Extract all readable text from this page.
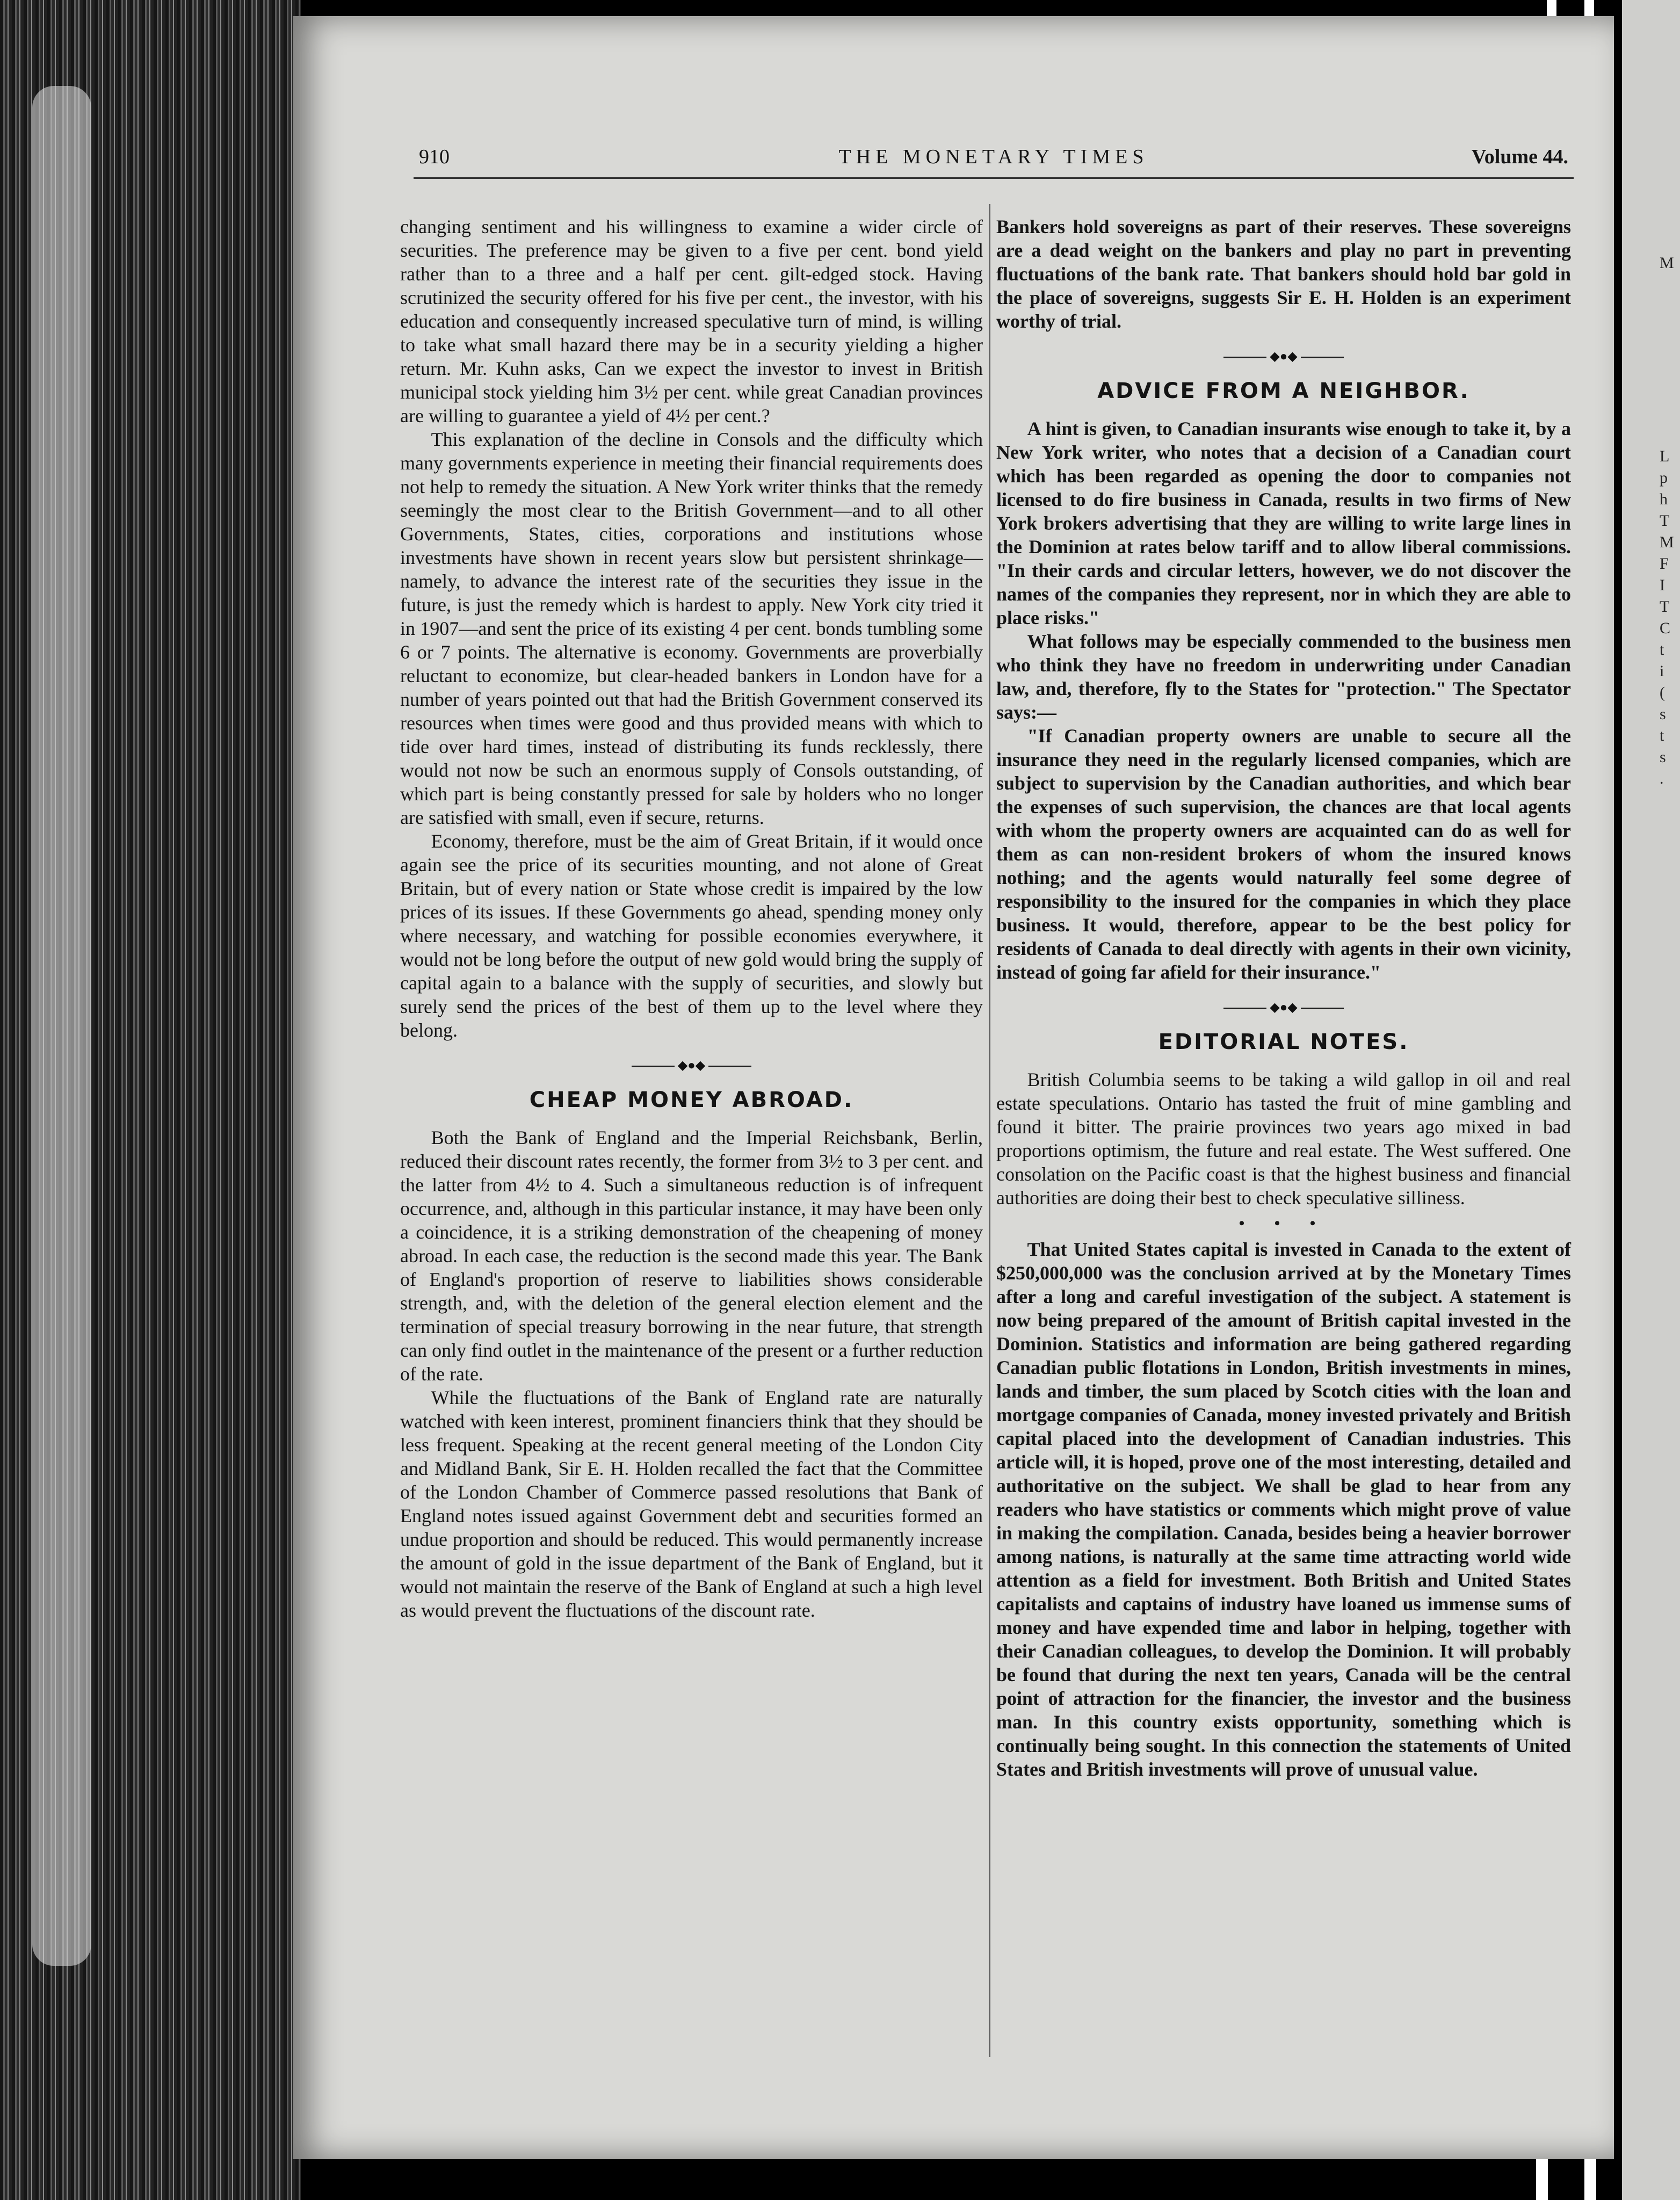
M
L
p
h
T
M
F
I
T
C
t
i
(
s
t
s
.
910	THE MONETARY TIMES	Volume 44.

changing sentiment and his willingness to examine a wider circle of securities. The preference may be given to a five per cent. bond yield rather than to a three and a half per cent. gilt-edged stock. Having scrutinized the security offered for his five per cent., the investor, with his education and consequently increased speculative turn of mind, is willing to take what small hazard there may be in a security yielding a higher return. Mr. Kuhn asks, Can we expect the investor to invest in British municipal stock yielding him 3½ per cent. while great Canadian provinces are willing to guarantee a yield of 4½ per cent.?

This explanation of the decline in Consols and the difficulty which many governments experience in meeting their financial requirements does not help to remedy the situation. A New York writer thinks that the remedy seemingly the most clear to the British Government—and to all other Governments, States, cities, corporations and institutions whose investments have shown in recent years slow but persistent shrinkage—namely, to advance the interest rate of the securities they issue in the future, is just the remedy which is hardest to apply. New York city tried it in 1907—and sent the price of its existing 4 per cent. bonds tumbling some 6 or 7 points. The alternative is economy. Governments are proverbially reluctant to economize, but clear-headed bankers in London have for a number of years pointed out that had the British Government conserved its resources when times were good and thus provided means with which to tide over hard times, instead of distributing its funds recklessly, there would not now be such an enormous supply of Consols outstanding, of which part is being constantly pressed for sale by holders who no longer are satisfied with small, even if secure, returns.

Economy, therefore, must be the aim of Great Britain, if it would once again see the price of its securities mounting, and not alone of Great Britain, but of every nation or State whose credit is impaired by the low prices of its issues. If these Governments go ahead, spending money only where necessary, and watching for possible economies everywhere, it would not be long before the output of new gold would bring the supply of capital again to a balance with the supply of securities, and slowly but surely send the prices of the best of them up to the level where they belong.

◆●◆
CHEAP MONEY ABROAD.

Both the Bank of England and the Imperial Reichsbank, Berlin, reduced their discount rates recently, the former from 3½ to 3 per cent. and the latter from 4½ to 4. Such a simultaneous reduction is of infrequent occurrence, and, although in this particular instance, it may have been only a coincidence, it is a striking demonstration of the cheapening of money abroad. In each case, the reduction is the second made this year. The Bank of England's proportion of reserve to liabilities shows considerable strength, and, with the deletion of the general election element and the termination of special treasury borrowing in the near future, that strength can only find outlet in the maintenance of the present or a further reduction of the rate.

While the fluctuations of the Bank of England rate are naturally watched with keen interest, prominent financiers think that they should be less frequent. Speaking at the recent general meeting of the London City and Midland Bank, Sir E. H. Holden recalled the fact that the Committee of the London Chamber of Commerce passed resolutions that Bank of England notes issued against Government debt and securities formed an undue proportion and should be reduced. This would permanently increase the amount of gold in the issue department of the Bank of England, but it would not maintain the reserve of the Bank of England at such a high level as would prevent the fluctuations of the discount rate.

Bankers hold sovereigns as part of their reserves. These sovereigns are a dead weight on the bankers and play no part in preventing fluctuations of the bank rate. That bankers should hold bar gold in the place of sovereigns, suggests Sir E. H. Holden is an experiment worthy of trial.

◆●◆
ADVICE FROM A NEIGHBOR.

A hint is given, to Canadian insurants wise enough to take it, by a New York writer, who notes that a decision of a Canadian court which has been regarded as opening the door to companies not licensed to do fire business in Canada, results in two firms of New York brokers advertising that they are willing to write large lines in the Dominion at rates below tariff and to allow liberal commissions. "In their cards and circular letters, however, we do not discover the names of the companies they represent, nor in which they are able to place risks."

What follows may be especially commended to the business men who think they have no freedom in underwriting under Canadian law, and, therefore, fly to the States for "protection." The Spectator says:—

"If Canadian property owners are unable to secure all the insurance they need in the regularly licensed companies, which are subject to supervision by the Canadian authorities, and which bear the expenses of such supervision, the chances are that local agents with whom the property owners are acquainted can do as well for them as can non-resident brokers of whom the insured knows nothing; and the agents would naturally feel some degree of responsibility to the insured for the companies in which they place business. It would, therefore, appear to be the best policy for residents of Canada to deal directly with agents in their own vicinity, instead of going far afield for their insurance."

◆●◆
EDITORIAL NOTES.

British Columbia seems to be taking a wild gallop in oil and real estate speculations. Ontario has tasted the fruit of mine gambling and found it bitter. The prairie provinces two years ago mixed in bad proportions optimism, the future and real estate. The West suffered. One consolation on the Pacific coast is that the highest business and financial authorities are doing their best to check speculative silliness.

• • •

That United States capital is invested in Canada to the extent of $250,000,000 was the conclusion arrived at by the Monetary Times after a long and careful investigation of the subject. A statement is now being prepared of the amount of British capital invested in the Dominion. Statistics and information are being gathered regarding Canadian public flotations in London, British investments in mines, lands and timber, the sum placed by Scotch cities with the loan and mortgage companies of Canada, money invested privately and British capital placed into the development of Canadian industries. This article will, it is hoped, prove one of the most interesting, detailed and authoritative on the subject. We shall be glad to hear from any readers who have statistics or comments which might prove of value in making the compilation. Canada, besides being a heavier borrower among nations, is naturally at the same time attracting world wide attention as a field for investment. Both British and United States capitalists and captains of industry have loaned us immense sums of money and have expended time and labor in helping, together with their Canadian colleagues, to develop the Dominion. It will probably be found that during the next ten years, Canada will be the central point of attraction for the financier, the investor and the business man. In this country exists opportunity, something which is continually being sought. In this connection the statements of United States and British investments will prove of unusual value.
